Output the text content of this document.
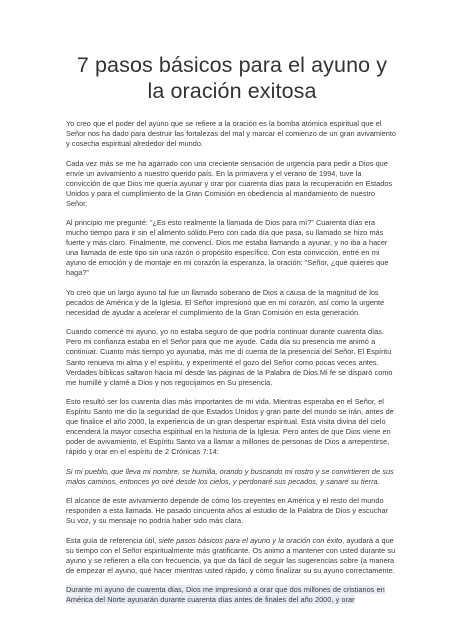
7 pasos básicos para el ayuno y la oración exitosa

Yo creo que el poder del ayuno que se refiere a la oración es la bomba atómica espiritual que el Señor nos ha dado para destruir las fortalezas del mal y marcar el comienzo de un gran avivamiento y cosecha espiritual alrededor del mundo.

Cada vez más se me ha agarrado con una creciente sensación de urgencia para pedir a Dios que envíe un avivamiento a nuestro querido país. En la primavera y el verano de 1994, tuve la convicción de que Dios me quería ayunar y orar por cuarenta días para la recuperación en Estados Unidos y para el cumplimiento de la Gran Comisión en obediencia al mandamiento de nuestro Señor.

Al principio me pregunté: “¿Es esto realmente la llamada de Dios para mí?” Cuarenta días era mucho tiempo para ir sin el alimento sólido.Pero con cada día que pasa, su llamado se hizo más fuerte y más claro. Finalmente, me convencí. Dios me estaba llamando a ayunar, y no iba a hacer una llamada de este tipo sin una razón o propósito específico. Con esta convicción, entré en mi ayuno de emoción y de montaje en mi corazón la esperanza, la oración: “Señor, ¿qué quieres que haga?”

Yo creo que un largo ayuno tal fue un llamado soberano de Dios a causa de la magnitud de los pecados de América y de la Iglesia. El Señor impresionó que en mi corazón, así como la urgente necesidad de ayudar a acelerar el cumplimiento de la Gran Comisión en esta generación.

Cuando comencé mi ayuno, yo no estaba seguro de que podría continuar durante cuarenta días. Pero mi confianza estaba en el Señor para que me ayude. Cada día su presencia me animó a continuar. Cuanto más tiempo yo ayunaba, más me di cuenta de la presencia del Señor. El Espíritu Santo renueva mi alma y el espíritu, y experimenté el gozo del Señor como pocas veces antes. Verdades bíblicas saltaron hacia mí desde las páginas de la Palabra de Dios.Mi fe se disparó como me humillé y clamé a Dios y nos regocijamos en Su presencia.

Esto resultó ser los cuarenta días más importantes de mi vida. Mientras esperaba en el Señor, el Espíritu Santo me dio la seguridad de que Estados Unidos y gran parte del mundo se irán, antes de que finalice el año 2000, la experiencia de un gran despertar espiritual. Esta visita divina del cielo encenderá la mayor cosecha espiritual en la historia de la Iglesia. Pero antes de que Dios viene en poder de avivamiento, el Espíritu Santo va a llamar a millones de personas de Dios a arrepentirse, rápido y orar en el espíritu de 2 Crónicas 7:14:

Si mi pueblo, que lleva mi nombre, se humilla, orando y buscando mi rostro y se convirtieren de sus malos caminos, entonces yo oiré desde los cielos, y perdonaré sus pecados, y sanaré su tierra.

El alcance de este avivamiento depende de cómo los creyentes en América y el resto del mundo responden a esta llamada. He pasado cincuenta años al estudio de la Palabra de Dios y escuchar Su voz, y su mensaje no podría haber sido más clara.

Esta guía de referencia útil, siete pasos básicos para el ayuno y la oración con éxito, ayudará a que su tiempo con el Señor espiritualmente más gratificante. Os animo a mantener con usted durante su ayuno y se refieren a ella con frecuencia, ya que da fácil de seguir las sugerencias sobre (a manera de empezar el ayuno, qué hacer mientras usted rápido, y cómo finalizar su su ayuno correctamente.

Durante mi ayuno de cuarenta días, Dios me impresionó a orar que dos millones de cristianos en América del Norte ayunarán durante cuarenta días antes de finales del año 2000, y orar
